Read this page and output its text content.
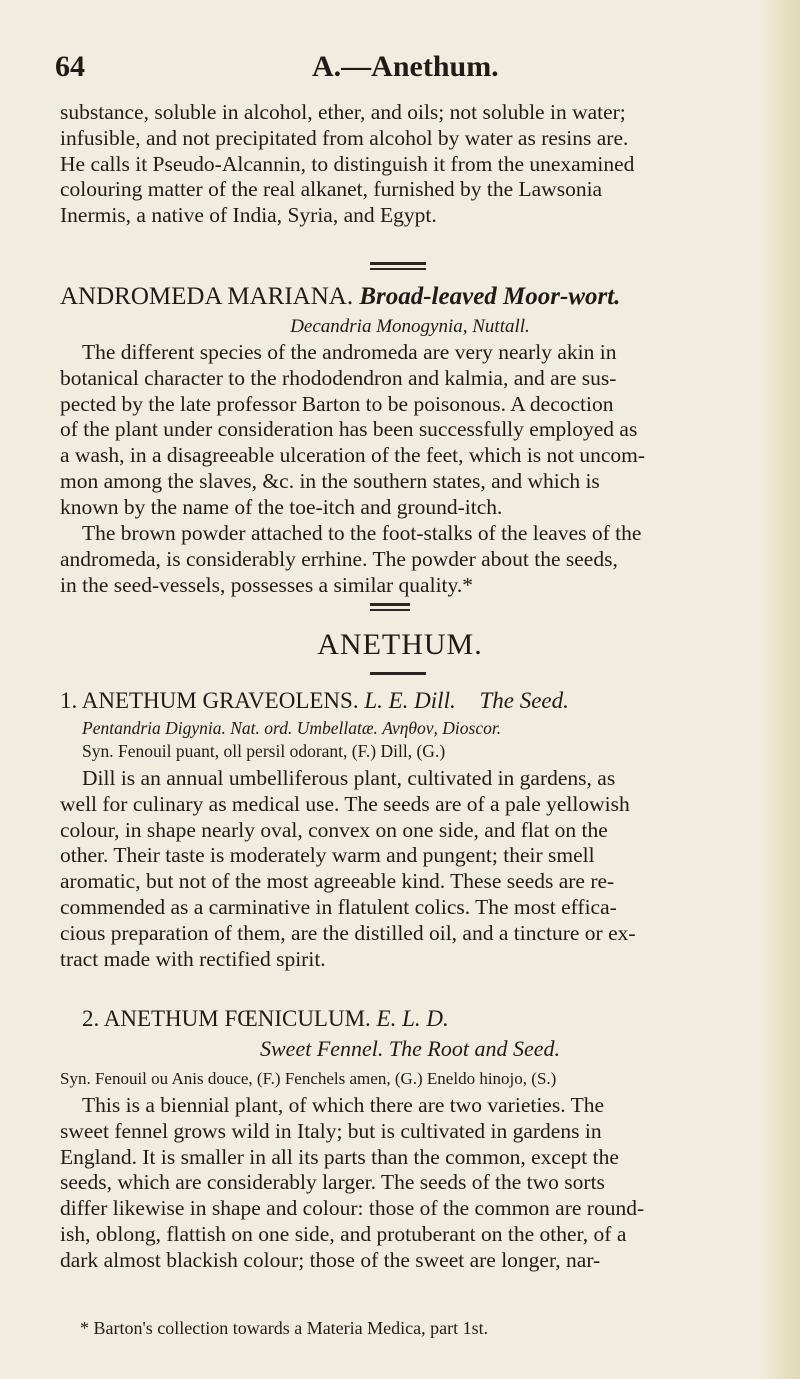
64	A.—Anethum.
substance, soluble in alcohol, ether, and oils; not soluble in water;
infusible, and not precipitated from alcohol by water as resins are.
He calls it Pseudo-Alcannin, to distinguish it from the unexamined
colouring matter of the real alkanet, furnished by the Lawsonia
Inermis, a native of India, Syria, and Egypt.
ANDROMEDA MARIANA. Broad-leaved Moor-wort.
Decandria Monogynia, Nuttall.
The different species of the andromeda are very nearly akin in
botanical character to the rhododendron and kalmia, and are sus-
pected by the late professor Barton to be poisonous. A decoction
of the plant under consideration has been successfully employed as
a wash, in a disagreeable ulceration of the feet, which is not uncom-
mon among the slaves, &c. in the southern states, and which is
known by the name of the toe-itch and ground-itch.
The brown powder attached to the foot-stalks of the leaves of the
andromeda, is considerably errhine. The powder about the seeds,
in the seed-vessels, possesses a similar quality.*
ANETHUM.
1. ANETHUM GRAVEOLENS. L. E. Dill. The Seed.
Pentandria Digynia. Nat. ord. Umbellatæ. Ανηθον, Dioscor.
Syn. Fenouil puant, oll persil odorant, (F.) Dill, (G.)
Dill is an annual umbelliferous plant, cultivated in gardens, as
well for culinary as medical use. The seeds are of a pale yellowish
colour, in shape nearly oval, convex on one side, and flat on the
other. Their taste is moderately warm and pungent; their smell
aromatic, but not of the most agreeable kind. These seeds are re-
commended as a carminative in flatulent colics. The most effica-
cious preparation of them, are the distilled oil, and a tincture or ex-
tract made with rectified spirit.
2. ANETHUM FŒNICULUM. E. L. D.
Sweet Fennel. The Root and Seed.
Syn. Fenouil ou Anis douce, (F.) Fenchels amen, (G.) Eneldo hinojo, (S.)
This is a biennial plant, of which there are two varieties. The
sweet fennel grows wild in Italy; but is cultivated in gardens in
England. It is smaller in all its parts than the common, except the
seeds, which are considerably larger. The seeds of the two sorts
differ likewise in shape and colour: those of the common are round-
ish, oblong, flattish on one side, and protuberant on the other, of a
dark almost blackish colour; those of the sweet are longer, nar-
* Barton's collection towards a Materia Medica, part 1st.
